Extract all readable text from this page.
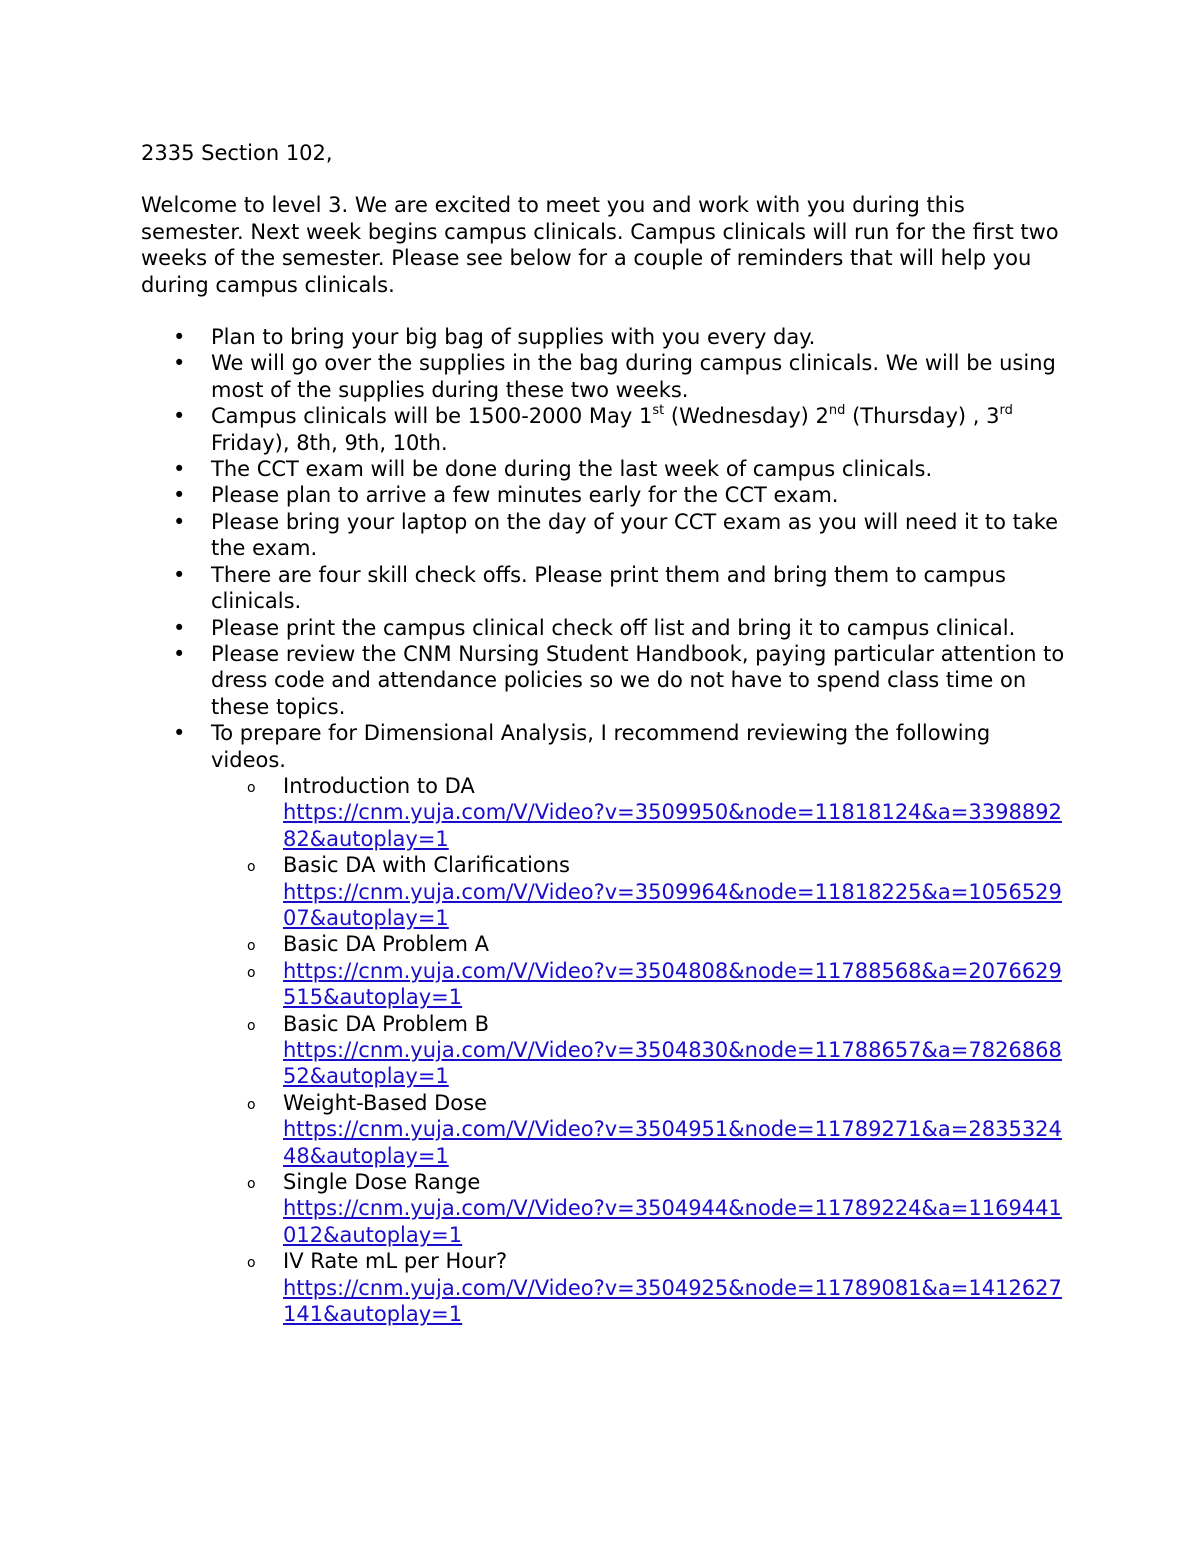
2335 Section 102,

Welcome to level 3. We are excited to meet you and work with you during this semester. Next week begins campus clinicals. Campus clinicals will run for the first two weeks of the semester. Please see below for a couple of reminders that will help you during campus clinicals.

• Plan to bring your big bag of supplies with you every day.
• We will go over the supplies in the bag during campus clinicals. We will be using most of the supplies during these two weeks.
• Campus clinicals will be 1500-2000 May 1st (Wednesday) 2nd (Thursday) , 3rd Friday), 8th, 9th, 10th.
• The CCT exam will be done during the last week of campus clinicals.
• Please plan to arrive a few minutes early for the CCT exam.
• Please bring your laptop on the day of your CCT exam as you will need it to take the exam.
• There are four skill check offs. Please print them and bring them to campus clinicals.
• Please print the campus clinical check off list and bring it to campus clinical.
• Please review the CNM Nursing Student Handbook, paying particular attention to dress code and attendance policies so we do not have to spend class time on these topics.
• To prepare for Dimensional Analysis, I recommend reviewing the following videos.
o Introduction to DA
https://cnm.yuja.com/V/Video?v=3509950&node=11818124&a=339889282&autoplay=1
o Basic DA with Clarifications
https://cnm.yuja.com/V/Video?v=3509964&node=11818225&a=105652907&autoplay=1
o Basic DA Problem A
o https://cnm.yuja.com/V/Video?v=3504808&node=11788568&a=2076629515&autoplay=1
o Basic DA Problem B
https://cnm.yuja.com/V/Video?v=3504830&node=11788657&a=782686852&autoplay=1
o Weight-Based Dose
https://cnm.yuja.com/V/Video?v=3504951&node=11789271&a=283532448&autoplay=1
o Single Dose Range
https://cnm.yuja.com/V/Video?v=3504944&node=11789224&a=1169441012&autoplay=1
o IV Rate mL per Hour?
https://cnm.yuja.com/V/Video?v=3504925&node=11789081&a=1412627141&autoplay=1
